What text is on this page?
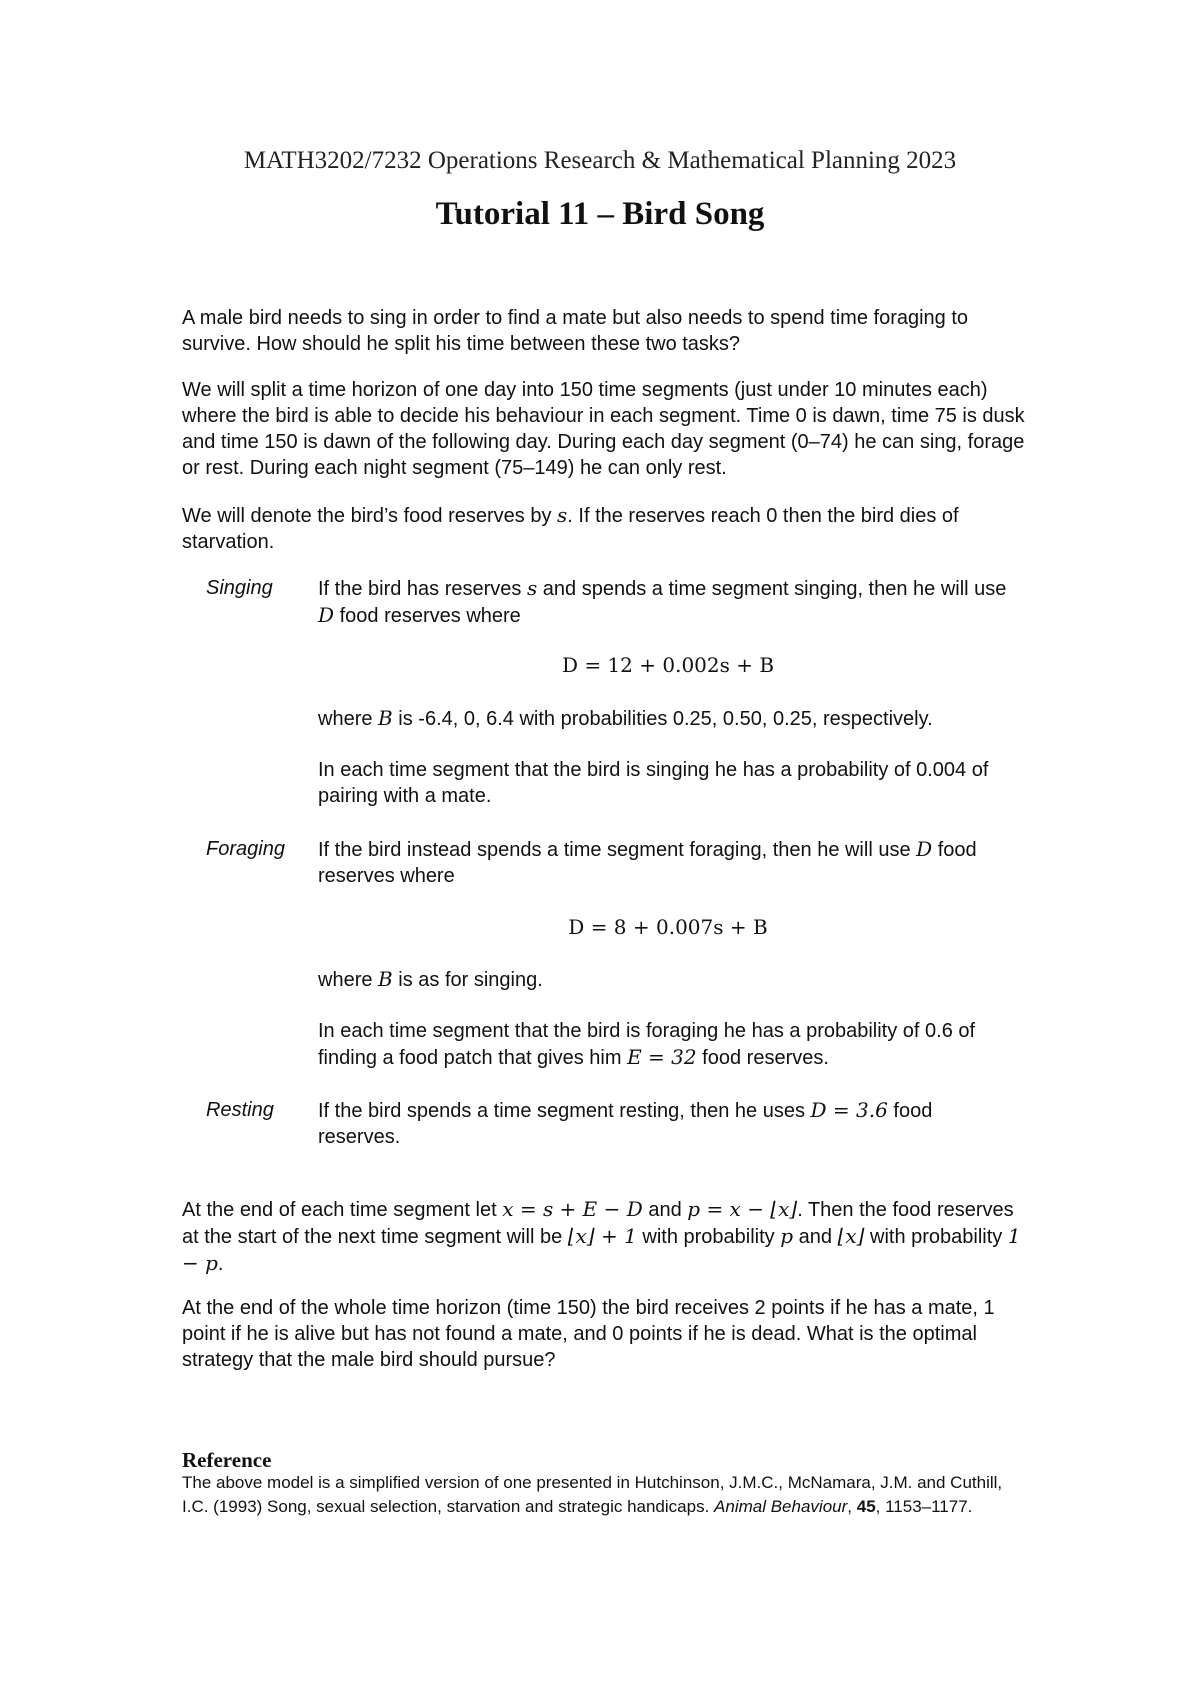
MATH3202/7232 Operations Research & Mathematical Planning 2023
Tutorial 11 – Bird Song
A male bird needs to sing in order to find a mate but also needs to spend time foraging to survive. How should he split his time between these two tasks?
We will split a time horizon of one day into 150 time segments (just under 10 minutes each) where the bird is able to decide his behaviour in each segment. Time 0 is dawn, time 75 is dusk and time 150 is dawn of the following day. During each day segment (0–74) he can sing, forage or rest. During each night segment (75–149) he can only rest.
We will denote the bird’s food reserves by s. If the reserves reach 0 then the bird dies of starvation.
Singing If the bird has reserves s and spends a time segment singing, then he will use D food reserves where
D = 12 + 0.002s + B
where B is -6.4, 0, 6.4 with probabilities 0.25, 0.50, 0.25, respectively.
In each time segment that the bird is singing he has a probability of 0.004 of pairing with a mate.
Foraging If the bird instead spends a time segment foraging, then he will use D food reserves where
D = 8 + 0.007s + B
where B is as for singing.
In each time segment that the bird is foraging he has a probability of 0.6 of finding a food patch that gives him E = 32 food reserves.
Resting If the bird spends a time segment resting, then he uses D = 3.6 food reserves.
At the end of each time segment let x = s + E − D and p = x − ⌊x⌋. Then the food reserves at the start of the next time segment will be ⌊x⌋ + 1 with probability p and ⌊x⌋ with probability 1 − p.
At the end of the whole time horizon (time 150) the bird receives 2 points if he has a mate, 1 point if he is alive but has not found a mate, and 0 points if he is dead. What is the optimal strategy that the male bird should pursue?
Reference
The above model is a simplified version of one presented in Hutchinson, J.M.C., McNamara, J.M. and Cuthill, I.C. (1993) Song, sexual selection, starvation and strategic handicaps. Animal Behaviour, 45, 1153–1177.
